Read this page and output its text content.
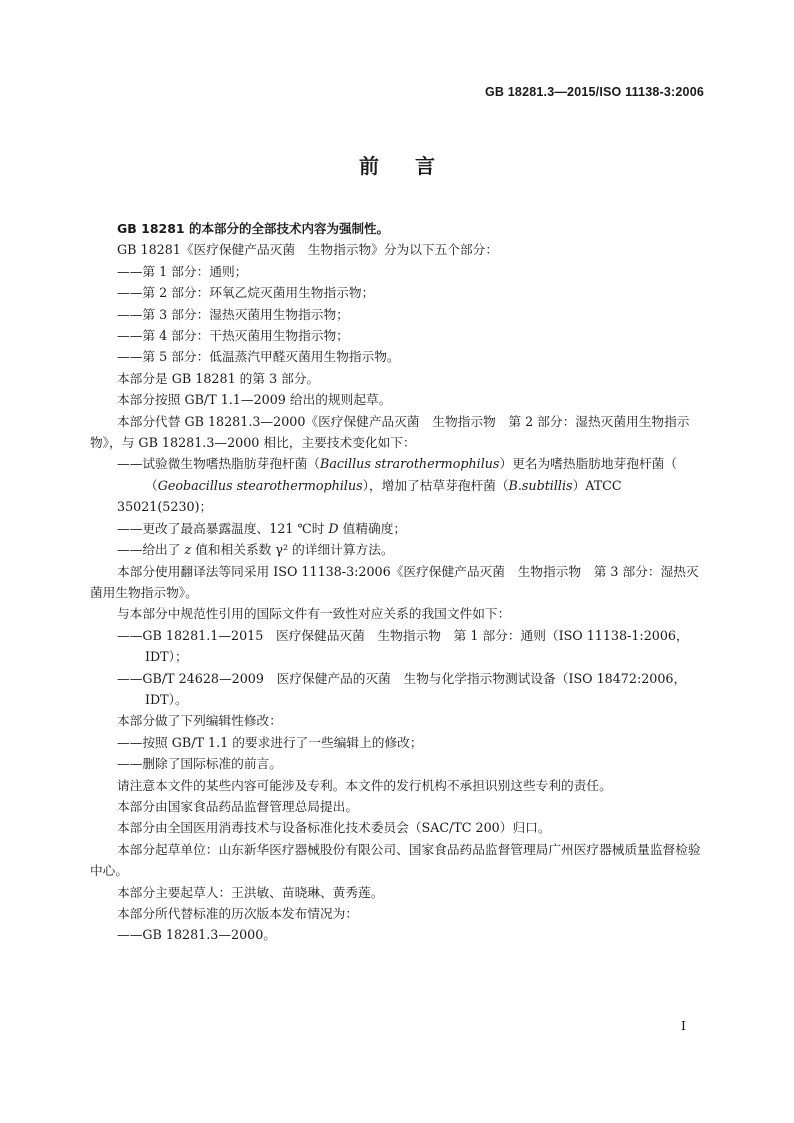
GB 18281.3—2015/ISO 11138-3:2006
前言

GB 18281 的本部分的全部技术内容为强制性。

GB 18281《医疗保健产品灭菌　生物指示物》分为以下五个部分：

——第 1 部分：通则；

——第 2 部分：环氧乙烷灭菌用生物指示物；

——第 3 部分：湿热灭菌用生物指示物；

——第 4 部分：干热灭菌用生物指示物；

——第 5 部分：低温蒸汽甲醛灭菌用生物指示物。

本部分是 GB 18281 的第 3 部分。

本部分按照 GB/T 1.1—2009 给出的规则起草。

本部分代替 GB 18281.3—2000《医疗保健产品灭菌　生物指示物　第 2 部分：湿热灭菌用生物指示物》，与 GB 18281.3—2000 相比，主要技术变化如下：

——试验微生物嗜热脂肪芽孢杆菌（Bacillus strarothermophilus）更名为嗜热脂肪地芽孢杆菌（
（Geobacillus stearothermophilus），增加了枯草芽孢杆菌（B.subtillis）ATCC 35021(5230)；

——更改了最高暴露温度、121 ℃时 D 值精确度；

——给出了 z 值和相关系数 γ² 的详细计算方法。

本部分使用翻译法等同采用 ISO 11138-3:2006《医疗保健产品灭菌　生物指示物　第 3 部分：湿热灭菌用生物指示物》。

与本部分中规范性引用的国际文件有一致性对应关系的我国文件如下：

——GB 18281.1—2015　医疗保健品灭菌　生物指示物　第 1 部分：通则（ISO 11138-1:2006，

IDT）；

——GB/T 24628—2009　医疗保健产品的灭菌　生物与化学指示物测试设备（ISO 18472:2006，

IDT）。

本部分做了下列编辑性修改：

——按照 GB/T 1.1 的要求进行了一些编辑上的修改；

——删除了国际标准的前言。

请注意本文件的某些内容可能涉及专利。本文件的发行机构不承担识别这些专利的责任。

本部分由国家食品药品监督管理总局提出。

本部分由全国医用消毒技术与设备标准化技术委员会（SAC/TC 200）归口。

本部分起草单位：山东新华医疗器械股份有限公司、国家食品药品监督管理局广州医疗器械质量监督检验中心。

本部分主要起草人：王洪敏、苗晓琳、黄秀莲。

本部分所代替标准的历次版本发布情况为：

——GB 18281.3—2000。

I
